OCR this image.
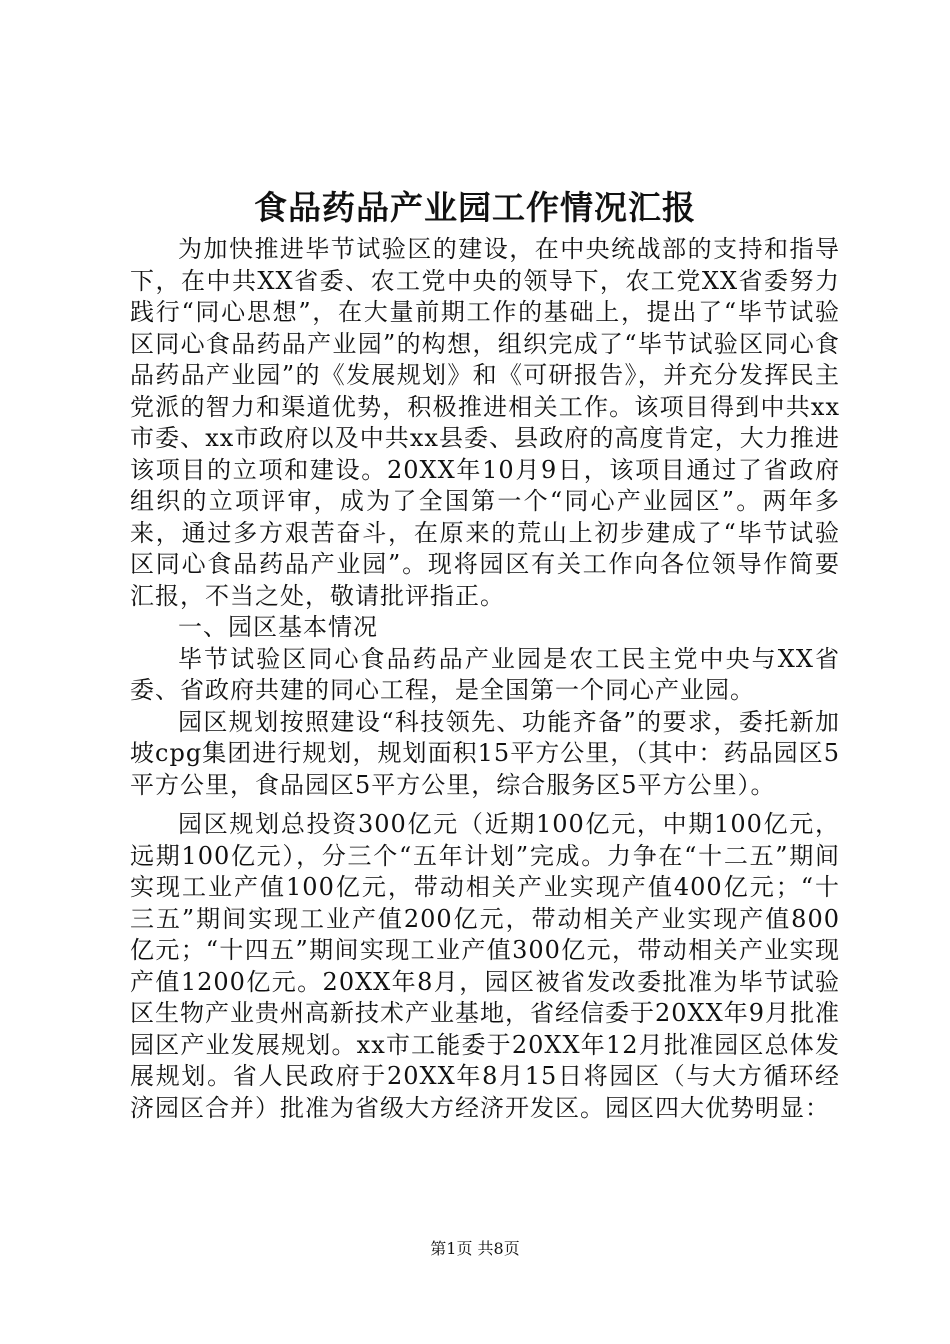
食品药品产业园工作情况汇报

为加快推进毕节试验区的建设，在中央统战部的支持和指导下，在中共XX省委、农工党中央的领导下，农工党XX省委努力践行“同心思想”，在大量前期工作的基础上，提出了“毕节试验区同心食品药品产业园”的构想，组织完成了“毕节试验区同心食品药品产业园”的《发展规划》和《可研报告》，并充分发挥民主党派的智力和渠道优势，积极推进相关工作。该项目得到中共xx市委、xx市政府以及中共xx县委、县政府的高度肯定，大力推进该项目的立项和建设。20XX年10月9日，该项目通过了省政府组织的立项评审，成为了全国第一个“同心产业园区”。两年多来，通过多方艰苦奋斗，在原来的荒山上初步建成了“毕节试验区同心食品药品产业园”。现将园区有关工作向各位领导作简要汇报，不当之处，敬请批评指正。

一、园区基本情况

毕节试验区同心食品药品产业园是农工民主党中央与XX省委、省政府共建的同心工程，是全国第一个同心产业园。

园区规划按照建设“科技领先、功能齐备”的要求，委托新加坡cpg集团进行规划，规划面积15平方公里，（其中：药品园区5平方公里，食品园区5平方公里，综合服务区5平方公里）。

园区规划总投资300亿元（近期100亿元，中期100亿元，远期100亿元），分三个“五年计划”完成。力争在“十二五”期间实现工业产值100亿元，带动相关产业实现产值400亿元；“十三五”期间实现工业产值200亿元，带动相关产业实现产值800亿元；“十四五”期间实现工业产值300亿元，带动相关产业实现产值1200亿元。20XX年8月，园区被省发改委批准为毕节试验区生物产业贵州高新技术产业基地，省经信委于20XX年9月批准园区产业发展规划。xx市工能委于20XX年12月批准园区总体发展规划。省人民政府于20XX年8月15日将园区（与大方循环经济园区合并）批准为省级大方经济开发区。园区四大优势明显：

第1页 共8页
